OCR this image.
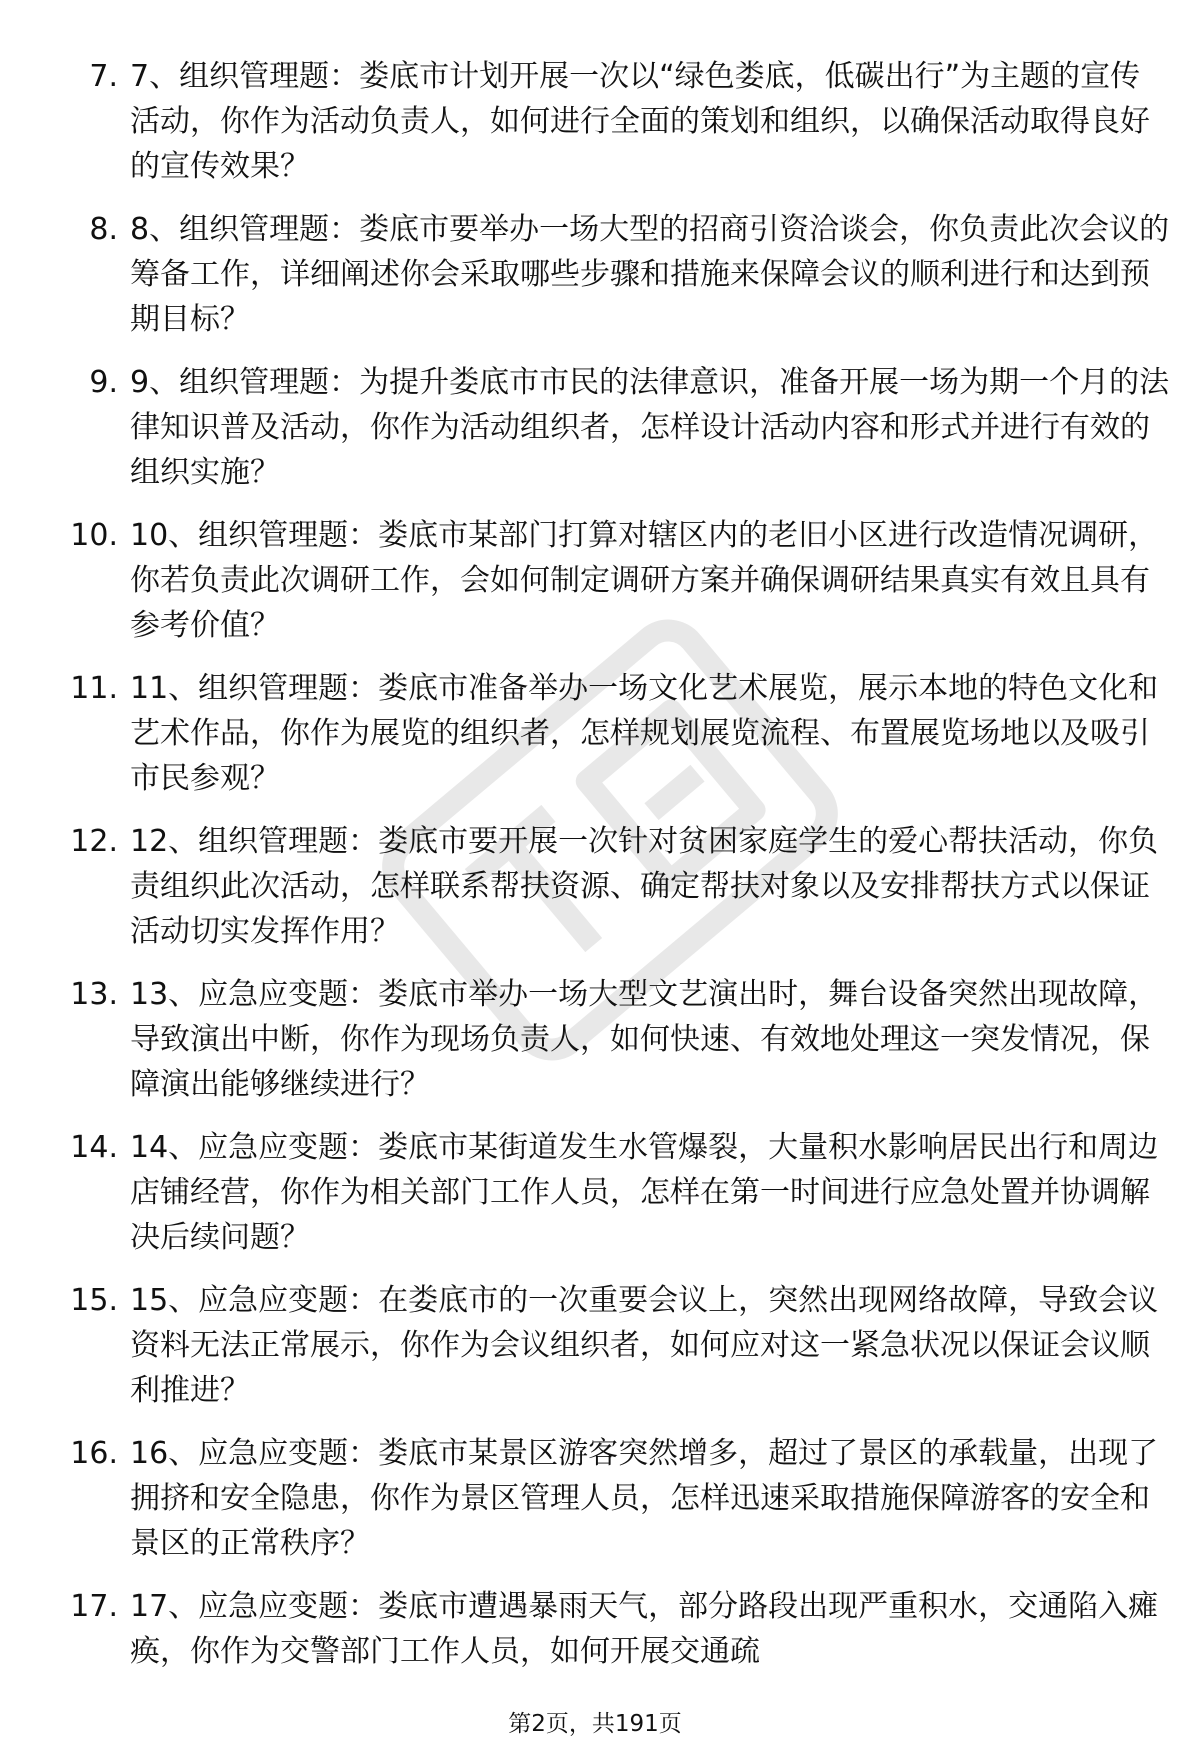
7. 7、组织管理题：娄底市计划开展一次以“绿色娄底，低碳出行”为主题的宣传活动，你作为活动负责人，如何进行全面的策划和组织，以确保活动取得良好的宣传效果？
8. 8、组织管理题：娄底市要举办一场大型的招商引资洽谈会，你负责此次会议的筹备工作，详细阐述你会采取哪些步骤和措施来保障会议的顺利进行和达到预期目标？
9. 9、组织管理题：为提升娄底市市民的法律意识，准备开展一场为期一个月的法律知识普及活动，你作为活动组织者，怎样设计活动内容和形式并进行有效的组织实施？
10. 10、组织管理题：娄底市某部门打算对辖区内的老旧小区进行改造情况调研，你若负责此次调研工作，会如何制定调研方案并确保调研结果真实有效且具有参考价值？
11. 11、组织管理题：娄底市准备举办一场文化艺术展览，展示本地的特色文化和艺术作品，你作为展览的组织者，怎样规划展览流程、布置展览场地以及吸引市民参观？
12. 12、组织管理题：娄底市要开展一次针对贫困家庭学生的爱心帮扶活动，你负责组织此次活动，怎样联系帮扶资源、确定帮扶对象以及安排帮扶方式以保证活动切实发挥作用？
13. 13、应急应变题：娄底市举办一场大型文艺演出时，舞台设备突然出现故障，导致演出中断，你作为现场负责人，如何快速、有效地处理这一突发情况，保障演出能够继续进行？
14. 14、应急应变题：娄底市某街道发生水管爆裂，大量积水影响居民出行和周边店铺经营，你作为相关部门工作人员，怎样在第一时间进行应急处置并协调解决后续问题？
15. 15、应急应变题：在娄底市的一次重要会议上，突然出现网络故障，导致会议资料无法正常展示，你作为会议组织者，如何应对这一紧急状况以保证会议顺利推进？
16. 16、应急应变题：娄底市某景区游客突然增多，超过了景区的承载量，出现了拥挤和安全隐患，你作为景区管理人员，怎样迅速采取措施保障游客的安全和景区的正常秩序？
17. 17、应急应变题：娄底市遭遇暴雨天气，部分路段出现严重积水，交通陷入瘫痪，你作为交警部门工作人员，如何开展交通疏
第2页，共191页
